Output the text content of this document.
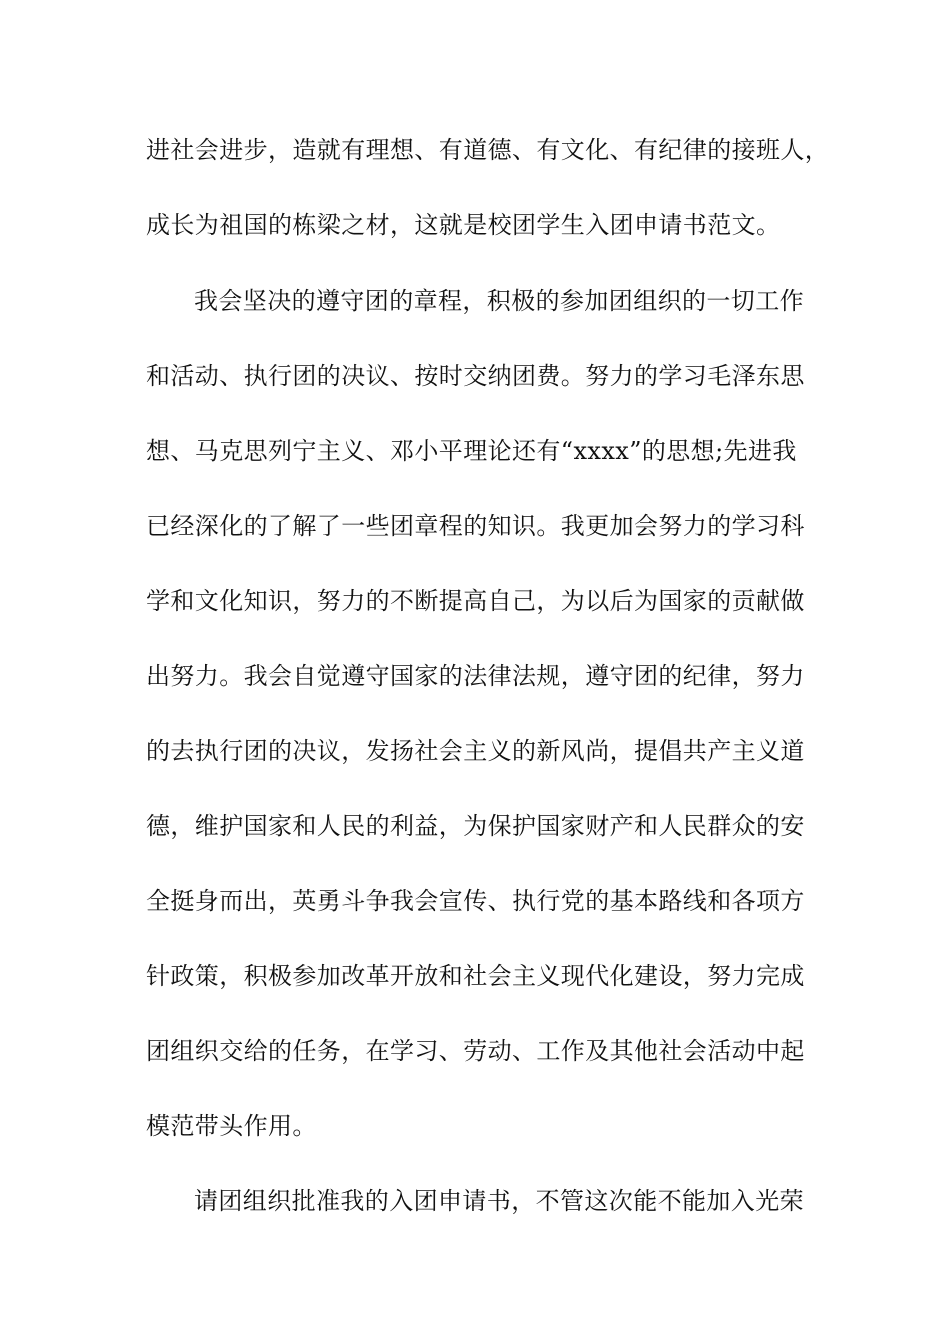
进社会进步，造就有理想、有道德、有文化、有纪律的接班人，
成长为祖国的栋梁之材，这就是校团学生入团申请书范文。
我会坚决的遵守团的章程，积极的参加团组织的一切工作
和活动、执行团的决议、按时交纳团费。努力的学习毛泽东思
想、马克思列宁主义、邓小平理论还有“xxxx”的思想;先进我
已经深化的了解了一些团章程的知识。我更加会努力的学习科
学和文化知识，努力的不断提高自己，为以后为国家的贡献做
出努力。我会自觉遵守国家的法律法规，遵守团的纪律，努力
的去执行团的决议，发扬社会主义的新风尚，提倡共产主义道
德，维护国家和人民的利益，为保护国家财产和人民群众的安
全挺身而出，英勇斗争我会宣传、执行党的基本路线和各项方
针政策，积极参加改革开放和社会主义现代化建设，努力完成
团组织交给的任务，在学习、劳动、工作及其他社会活动中起
模范带头作用。
请团组织批准我的入团申请书，不管这次能不能加入光荣
